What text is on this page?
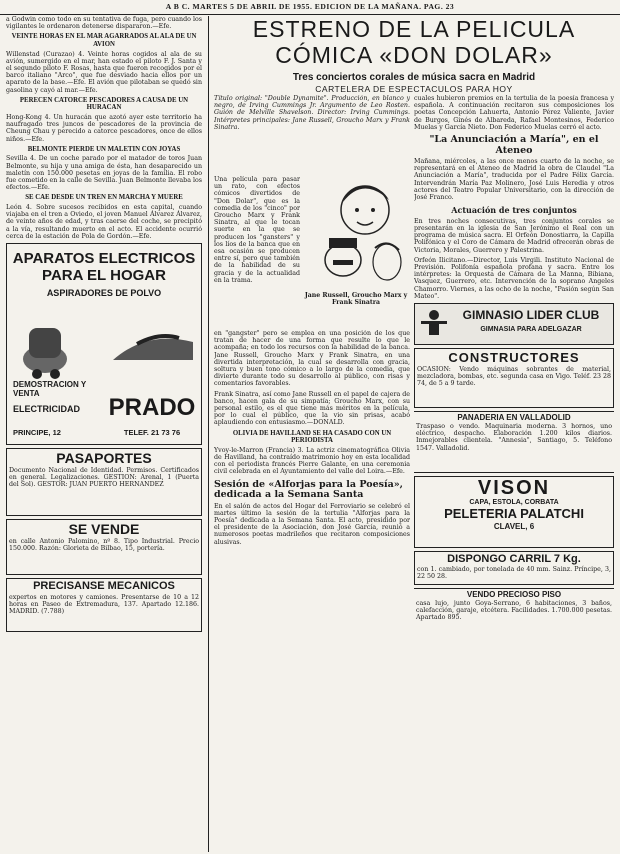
A B C. MARTES 5 DE ABRIL DE 1955. EDICION DE LA MAÑANA. PAG. 23

a Godwin como todo en su tentativa de fuga, pero cuando los vigilantes le ordenaron detenerse dispararon.—Efe.

VEINTE HORAS EN EL MAR AGARRADOS AL ALA DE UN AVION

Willenstad (Curazao) 4. Veinte horas cogidos al ala de su avión, sumergido en el mar, han estado el piloto F. J. Santa y el segundo piloto F. Rosas, hasta que fueron recogidos por el barco italiano "Arco", que fue desviado hacia ellos por un aparato de la base.—Efe. El avión que pilotaban se quedó sin gasolina y cayó al mar.—Efe.

PERECEN CATORCE PESCADORES A CAUSA DE UN HURACAN

Hong-Kong 4. Un huracán que azotó ayer este territorio ha naufragado tres juncos de pescadores de la provincia de Cheung Chau y perecido a catorce pescadores, once de ellos niños.—Efe.

BELMONTE PIERDE UN MALETIN CON JOYAS

Sevilla 4. De un coche parado por el matador de toros Juan Belmonte, su hija y una amiga de ésta, han desaparecido un maletín con 150.000 pesetas en joyas de la familia. El robo fue cometido en la calle de Sevilla. Juan Belmonte llevaba los efectos.—Efe.

SE CAE DESDE UN TREN EN MARCHA Y MUERE

León 4. Sobre sucesos recibidos en esta capital, cuando viajaba en el tren a Oviedo, el joven Manuel Álvarez Álvarez, de veinte años de edad, y tras caerse del coche, se precipitó a la vía, resultando muerto en el acto. El accidente ocurrió cerca de la estación de Pola de Gordón.—Efe.

APARATOS ELECTRICOS PARA EL HOGAR
ASPIRADORES DE POLVO
DEMOSTRACION Y VENTA
ELECTRICIDAD	PRADO
PRINCIPE, 12	TELEF. 21 73 76
PASAPORTES

Documento Nacional de Identidad. Permisos. Certificados en general. Legalizaciones. GESTION: Arenal, 1 (Puerta del Sol). GESTOR: JUAN PUERTO HERNANDEZ

SE VENDE

en calle Antonio Palomino, nº 8. Tipo Industrial. Precio 150.000. Razón: Glorieta de Bilbao, 15, portería.

PRECISANSE MECANICOS

expertos en motores y camiones. Presentarse de 10 a 12 horas en Paseo de Extremadura, 137. Apartado 12.186. MADRID. (7.788)

ESTRENO DE LA PELICULA CÓMICA «DON DOLAR»
Tres conciertos corales de música sacra en Madrid
CARTELERA DE ESPECTACULOS PARA HOY

Título original: "Double Dynamite". Producción, en blanco y negro, de Irving Cummings Jr. Argumento de Leo Rosten. Guión de Melville Shavelson. Director: Irving Cummings. Intérpretes principales: Jane Russell, Groucho Marx y Frank Sinatra.

Una película para pasar un rato, con efectos cómicos divertidos de "Don Dolar", que es la comedia de los "cinco" por Groucho Marx y Frank Sinatra, al que le tocan suerte en la que se producen los "gansters" y los líos de la banca que en esa ocasión se producen entre sí, pero que también de la habilidad de su gracia y de la actualidad en la trama.

Jane Russell, Groucho Marx y Frank Sinatra

en "gangster" pero se emplea en una posición de los que tratan de hacer de una forma que resulte lo que le acompaña; en todo los recursos con la habilidad de la banca. Jane Russell, Groucho Marx y Frank Sinatra, en una divertida interpretación, la cual se desarrolla con gracia, soltura y buen tono cómico a lo largo de la comedia, que divierte durante todo su desarrollo al público, con risas y comentarios favorables.

Frank Sinatra, así como Jane Russell en el papel de cajera de banco, hacen gala de su simpatía; Groucho Marx, con su personal estilo, es el que tiene más méritos en la película, por lo cual el público, que la vio sin prisas, acabó aplaudiendo con entusiasmo.—DONALD.

OLIVIA DE HAVILLAND SE HA CASADO CON UN PERIODISTA

Yvoy-le-Marron (Francia) 3. La actriz cinematográfica Olivia de Havilland, ha contraído matrimonio hoy en esta localidad con el periodista francés Pierre Galante, en una ceremonia civil celebrada en el Ayuntamiento del valle del Loira.—Efe.

Sesión de «Alforjas para la Poesía», dedicada a la Semana Santa

En el salón de actos del Hogar del Ferroviario se celebró el martes último la sesión de la tertulia "Alforjas para la Poesía" dedicada a la Semana Santa. El acto, presidido por el presidente de la Asociación, don José García, reunió a numerosos poetas madrileños que recitaron composiciones alusivas.

cuales hubieron premios en la tertulia de la poesía francesa y española. A continuación recitaron sus composiciones los poetas Concepción Lahuerta, Antonio Pérez Valiente, Javier de Burgos, Ginés de Albareda, Rafael Montesinos, Federico Muelas y García Nieto. Don Federico Muelas cerró el acto.

"La Anunciación a María", en el Ateneo

Mañana, miércoles, a las once menos cuarto de la noche, se representará en el Ateneo de Madrid la obra de Claudel "La Anunciación a María", traducida por el Padre Félix García. Intervendrán María Paz Molinero, José Luis Heredia y otros actores del Teatro Popular Universitario, con la dirección de José Franco.

Actuación de tres conjuntos

En tres noches consecutivas, tres conjuntos corales se presentarán en la iglesia de San Jerónimo el Real con un programa de música sacra. El Orfeón Donostiarra, la Capilla Polifónica y el Coro de Cámara de Madrid ofrecerán obras de Victoria, Morales, Guerrero y Palestrina.

Orfeón Ilicitano.—Director, Luis Virgili. Instituto Nacional de Previsión. Polifonía española profana y sacra. Entre los intérpretes: la Orquesta de Cámara de La Manna, Bibiana, Vasquez, Guerrero, etc. Intervención de la soprano Angeles Chamorro. Viernes, a las ocho de la noche, "Pasión según San Mateo".

GIMNASIO LIDER CLUB
GIMNASIA PARA ADELGAZAR
CONSTRUCTORES

OCASION: Vendo máquinas sobrantes de material, mezcladora, bombas, etc. segunda casa en Vigo. Teléf. 23 28 74, de 5 a 9 tarde.

PANADERIA EN VALLADOLID

Traspaso o vendo. Maquinaria moderna. 3 hornos, uno eléctrico, despacho. Elaboración 1.200 kilos diarios. Inmejorables clientela. "Annesia", Santiago, 5. Teléfono 1547. Valladolid.

VISON
CAPA, ESTOLA, CORBATA
PELETERIA PALATCHI
CLAVEL, 6
DISPONGO CARRIL 7 Kg.

con 1. cambiado, por tonelada de 40 mm. Sainz. Príncipe, 3, 22 50 28.

VENDO PRECIOSO PISO

casa lujo, junto Goya-Serrano, 6 habitaciones, 3 baños, calefacción, garaje, etcétera. Facilidades. 1.700.000 pesetas. Apartado 895.
